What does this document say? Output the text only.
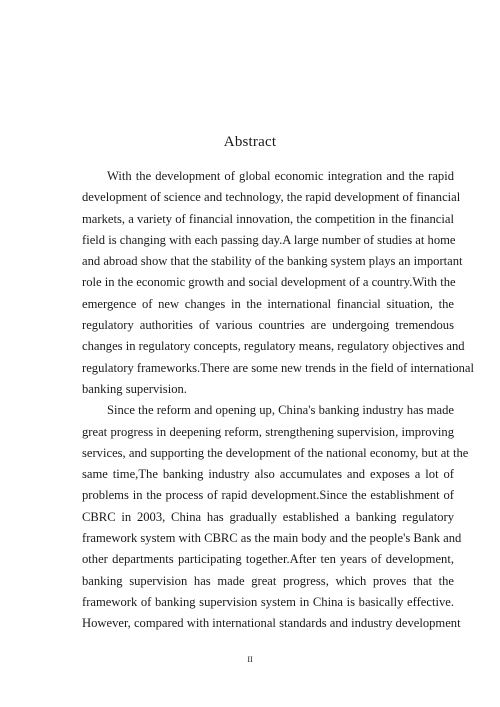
Abstract

With the development of global economic integration and the rapid
development of science and technology, the rapid development of financial
markets, a variety of financial innovation, the competition in the financial
field is changing with each passing day.A large number of studies at home
and abroad show that the stability of the banking system plays an important
role in the economic growth and social development of a country.With the
emergence of new changes in the international financial situation, the
regulatory authorities of various countries are undergoing tremendous
changes in regulatory concepts, regulatory means, regulatory objectives and
regulatory frameworks.There are some new trends in the field of international
banking supervision.

Since the reform and opening up, China's banking industry has made
great progress in deepening reform, strengthening supervision, improving
services, and supporting the development of the national economy, but at the
same time,The banking industry also accumulates and exposes a lot of
problems in the process of rapid development.Since the establishment of
CBRC in 2003, China has gradually established a banking regulatory
framework system with CBRC as the main body and the people's Bank and
other departments participating together.After ten years of development,
banking supervision has made great progress, which proves that the
framework of banking supervision system in China is basically effective.
However, compared with international standards and industry development

II
